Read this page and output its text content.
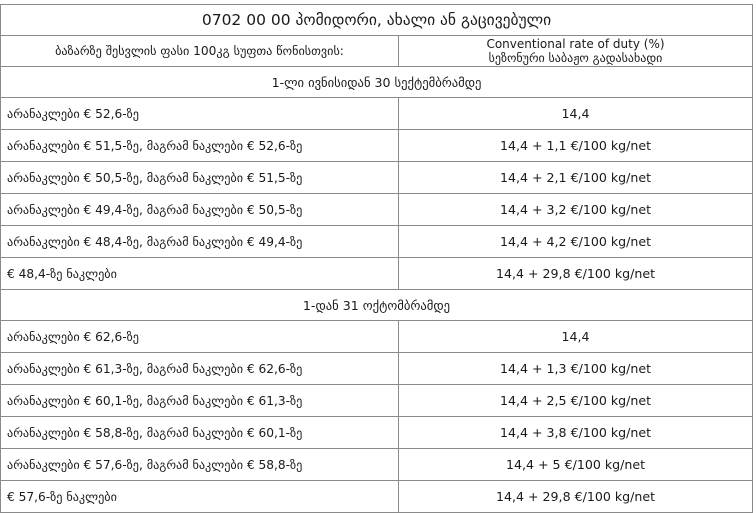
0702 00 00 პომიდორი, ახალი ან გაცივებული	
ბაზარზე შესვლის ფასი 100კგ სუფთა წონისთვის:	Conventional rate of duty (%)
სეზონური საბაჟო გადასახადი

1-ლი ივნისიდან 30 სექტემბრამდე	
არანაკლები € 52,6-ზე	14,4
არანაკლები € 51,5-ზე, მაგრამ ნაკლები € 52,6-ზე	14,4 + 1,1 €/100 kg/net
არანაკლები € 50,5-ზე, მაგრამ ნაკლები € 51,5-ზე	14,4 + 2,1 €/100 kg/net
არანაკლები € 49,4-ზე, მაგრამ ნაკლები € 50,5-ზე	14,4 + 3,2 €/100 kg/net
არანაკლები € 48,4-ზე, მაგრამ ნაკლები € 49,4-ზე	14,4 + 4,2 €/100 kg/net
€ 48,4-ზე ნაკლები	14,4 + 29,8 €/100 kg/net
1-დან 31 ოქტომბრამდე	
არანაკლები € 62,6-ზე	14,4
არანაკლები € 61,3-ზე, მაგრამ ნაკლები € 62,6-ზე	14,4 + 1,3 €/100 kg/net
არანაკლები € 60,1-ზე, მაგრამ ნაკლები € 61,3-ზე	14,4 + 2,5 €/100 kg/net
არანაკლები € 58,8-ზე, მაგრამ ნაკლები € 60,1-ზე	14,4 + 3,8 €/100 kg/net
არანაკლები € 57,6-ზე, მაგრამ ნაკლები € 58,8-ზე	14,4 + 5 €/100 kg/net
€ 57,6-ზე ნაკლები	14,4 + 29,8 €/100 kg/net
